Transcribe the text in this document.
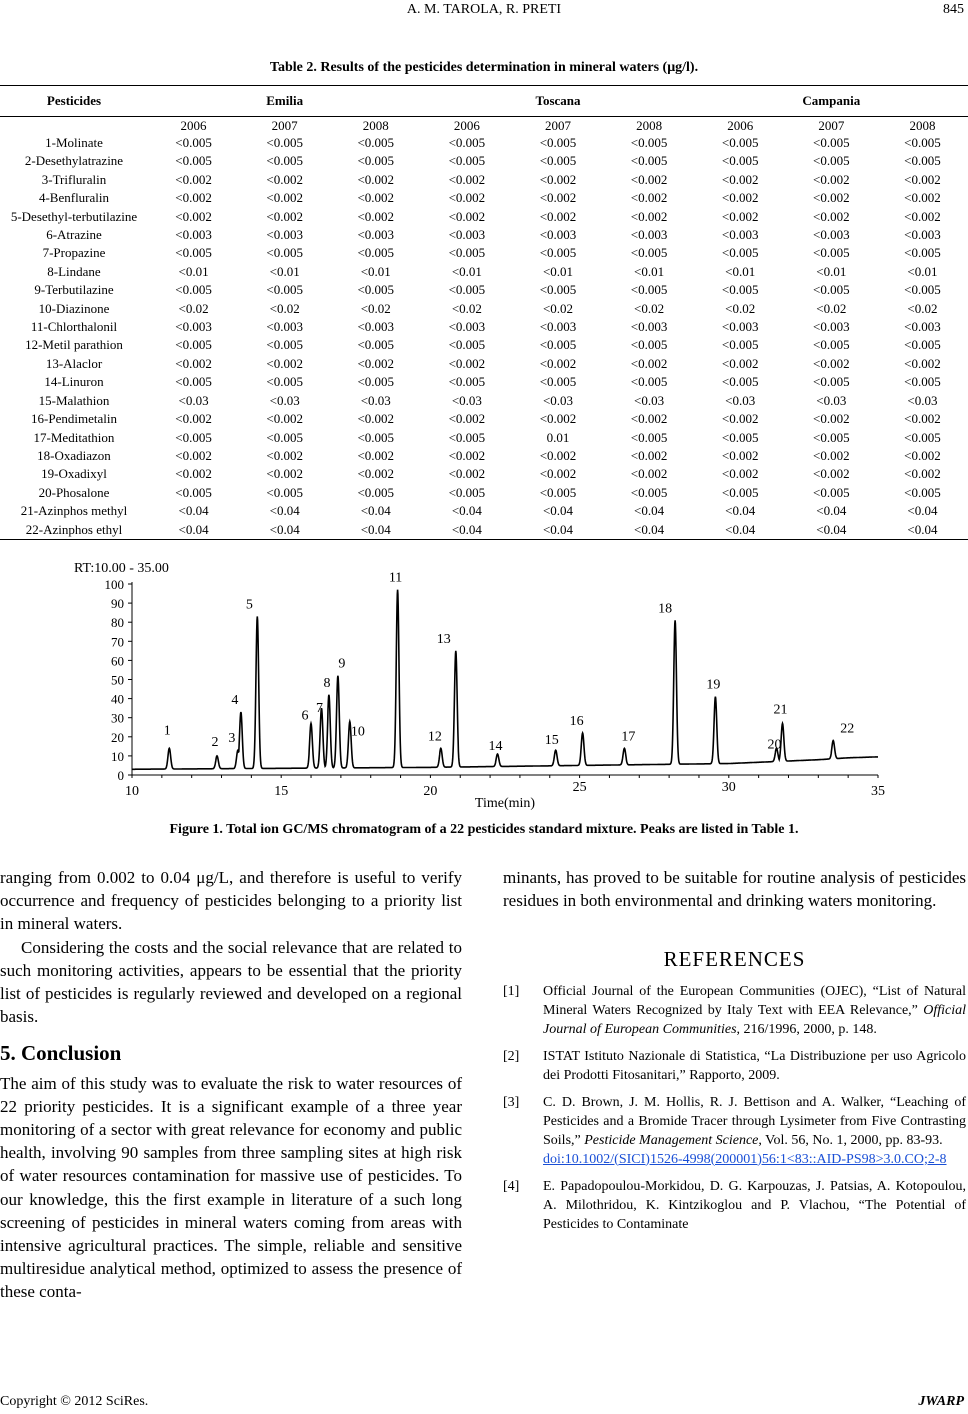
A. M. TAROLA, R. PRETI	845
Table 2. Results of the pesticides determination in mineral waters (μg/l).
Pesticides	Emilia			Toscana			Campania		
	2006	2007	2008	2006	2007	2008	2006	2007	2008
1-Molinate	<0.005	<0.005	<0.005	<0.005	<0.005	<0.005	<0.005	<0.005	<0.005
2-Desethylatrazine	<0.005	<0.005	<0.005	<0.005	<0.005	<0.005	<0.005	<0.005	<0.005
3-Trifluralin	<0.002	<0.002	<0.002	<0.002	<0.002	<0.002	<0.002	<0.002	<0.002
4-Benfluralin	<0.002	<0.002	<0.002	<0.002	<0.002	<0.002	<0.002	<0.002	<0.002
5-Desethyl-terbutilazine	<0.002	<0.002	<0.002	<0.002	<0.002	<0.002	<0.002	<0.002	<0.002
6-Atrazine	<0.003	<0.003	<0.003	<0.003	<0.003	<0.003	<0.003	<0.003	<0.003
7-Propazine	<0.005	<0.005	<0.005	<0.005	<0.005	<0.005	<0.005	<0.005	<0.005
8-Lindane	<0.01	<0.01	<0.01	<0.01	<0.01	<0.01	<0.01	<0.01	<0.01
9-Terbutilazine	<0.005	<0.005	<0.005	<0.005	<0.005	<0.005	<0.005	<0.005	<0.005
10-Diazinone	<0.02	<0.02	<0.02	<0.02	<0.02	<0.02	<0.02	<0.02	<0.02
11-Chlorthalonil	<0.003	<0.003	<0.003	<0.003	<0.003	<0.003	<0.003	<0.003	<0.003
12-Metil parathion	<0.005	<0.005	<0.005	<0.005	<0.005	<0.005	<0.005	<0.005	<0.005
13-Alaclor	<0.002	<0.002	<0.002	<0.002	<0.002	<0.002	<0.002	<0.002	<0.002
14-Linuron	<0.005	<0.005	<0.005	<0.005	<0.005	<0.005	<0.005	<0.005	<0.005
15-Malathion	<0.03	<0.03	<0.03	<0.03	<0.03	<0.03	<0.03	<0.03	<0.03
16-Pendimetalin	<0.002	<0.002	<0.002	<0.002	<0.002	<0.002	<0.002	<0.002	<0.002
17-Meditathion	<0.005	<0.005	<0.005	<0.005	0.01	<0.005	<0.005	<0.005	<0.005
18-Oxadiazon	<0.002	<0.002	<0.002	<0.002	<0.002	<0.002	<0.002	<0.002	<0.002
19-Oxadixyl	<0.002	<0.002	<0.002	<0.002	<0.002	<0.002	<0.002	<0.002	<0.002
20-Phosalone	<0.005	<0.005	<0.005	<0.005	<0.005	<0.005	<0.005	<0.005	<0.005
21-Azinphos methyl	<0.04	<0.04	<0.04	<0.04	<0.04	<0.04	<0.04	<0.04	<0.04
22-Azinphos ethyl	<0.04	<0.04	<0.04	<0.04	<0.04	<0.04	<0.04	<0.04	<0.04
RT:10.00 - 35.00
0
10
20
30
40
50
60
70
80
90
100
10	15	20	25	30	35
Time(min)
1
2 3
4
5
6 7
8
9
10
11
12
13
14	15
16
17
18
19
20
21
22
Figure 1. Total ion GC/MS chromatogram of a 22 pesticides standard mixture. Peaks are listed in Table 1.

ranging from 0.002 to 0.04 μg/L, and therefore is useful to verify occurrence and frequency of pesticides belonging to a priority list in mineral waters.

Considering the costs and the social relevance that are related to such monitoring activities, appears to be essential that the priority list of pesticides is regularly reviewed and developed on a regional basis.

5. Conclusion

The aim of this study was to evaluate the risk to water resources of 22 priority pesticides. It is a significant example of a three year monitoring of a sector with great relevance for economy and public health, involving 90 samples from three sampling sites at high risk of water resources contamination for massive use of pesticides. To our knowledge, this the first example in literature of a such long screening of pesticides in mineral waters coming from areas with intensive agricultural practices. The simple, reliable and sensitive multiresidue analytical method, optimized to assess the presence of these conta-

minants, has proved to be suitable for routine analysis of pesticides residues in both environmental and drinking waters monitoring.

REFERENCES
[1]	Official Journal of the European Communities (OJEC), “List of Natural Mineral Waters Recognized by Italy Text with EEA Relevance,” Official Journal of European Communities, 216/1996, 2000, p. 148.
[2]	ISTAT Istituto Nazionale di Statistica, “La Distribuzione per uso Agricolo dei Prodotti Fitosanitari,” Rapporto, 2009.
[3]	C. D. Brown, J. M. Hollis, R. J. Bettison and A. Walker, “Leaching of Pesticides and a Bromide Tracer through Lysimeter from Five Contrasting Soils,” Pesticide Management Science, Vol. 56, No. 1, 2000, pp. 83-93.
doi:10.1002/(SICI)1526-4998(200001)56:1<83::AID-PS98>3.0.CO;2-8
[4]	E. Papadopoulou-Morkidou, D. G. Karpouzas, J. Patsias, A. Kotopoulou, A. Milothridou, K. Kintzikoglou and P. Vlachou, “The Potential of Pesticides to Contaminate
Copyright © 2012 SciRes.	JWARP
